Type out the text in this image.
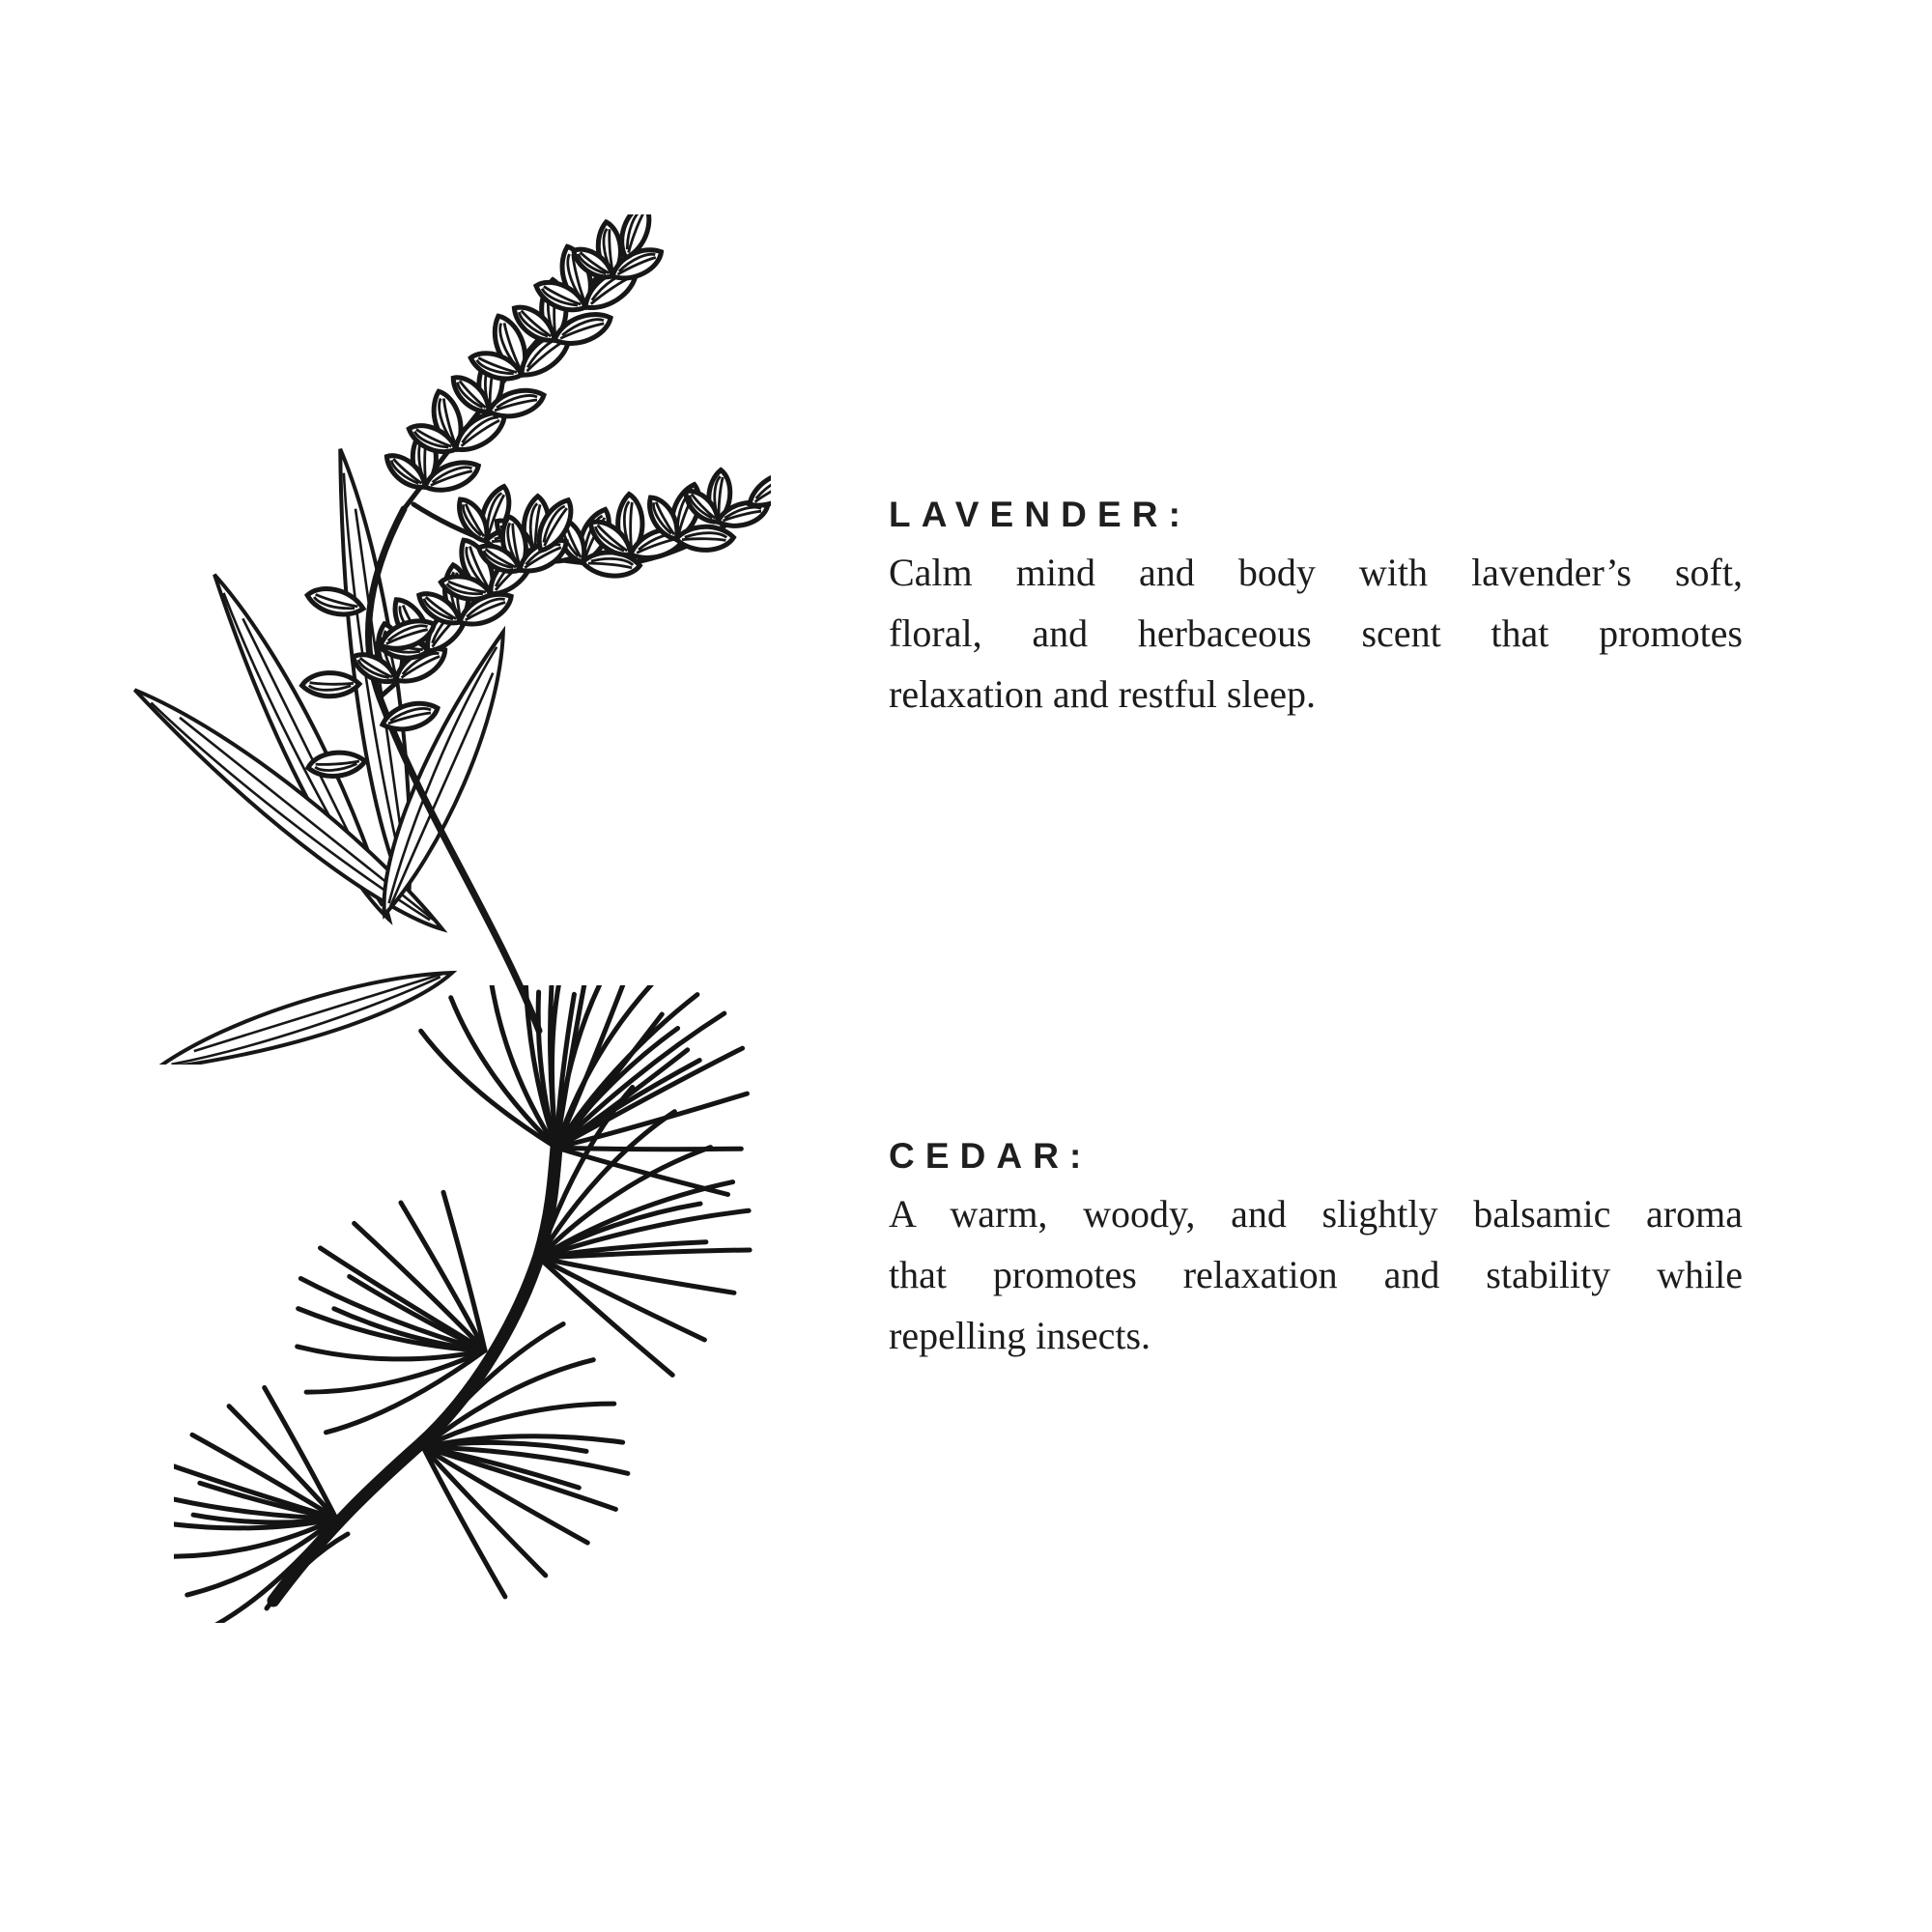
LAVENDER:

Calm mind and body with lavender’s soft,

floral, and herbaceous scent that promotes

relaxation and restful sleep.

CEDAR:

A warm, woody, and slightly balsamic aroma

that promotes relaxation and stability while

repelling insects.
